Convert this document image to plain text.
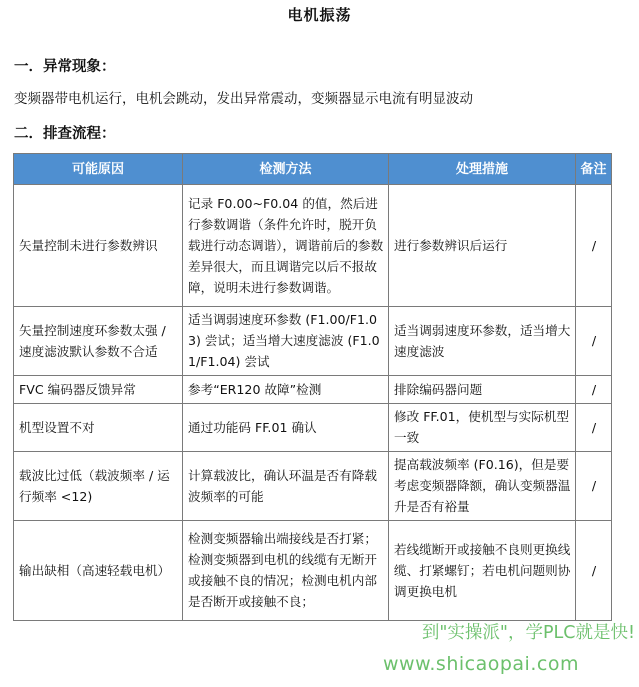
电机振荡
一．异常现象：
变频器带电机运行，电机会跳动，发出异常震动，变频器显示电流有明显波动
二．排查流程：
可能原因	检测方法	处理措施	备注
矢量控制未进行参数辨识	记录 F0.00~F0.04 的值，然后进行参数调谐（条件允许时，脱开负载进行动态调谐），调谐前后的参数差异很大，而且调谐完以后不报故障，说明未进行参数调谐。	进行参数辨识后运行	/
矢量控制速度环参数太强 / 速度滤波默认参数不合适	适当调弱速度环参数 (F1.00/F1.03) 尝试；适当增大速度滤波 (F1.01/F1.04) 尝试	适当调弱速度环参数，适当增大速度滤波	/
FVC 编码器反馈异常	参考“ER120 故障”检测	排除编码器问题	/
机型设置不对	通过功能码 FF.01 确认	修改 FF.01，使机型与实际机型一致	/
载波比过低（载波频率 / 运行频率 <12)	计算载波比，确认环温是否有降载波频率的可能	提高载波频率 (F0.16)，但是要考虑变频器降额，确认变频器温升是否有裕量	/
输出缺相（高速轻载电机）	检测变频器输出端接线是否打紧；检测变频器到电机的线缆有无断开或接触不良的情况；检测电机内部是否断开或接触不良；	若线缆断开或接触不良则更换线缆、打紧螺钉；若电机问题则协调更换电机	/
到"实操派"，学PLC就是快!
www.shicaopai.com
